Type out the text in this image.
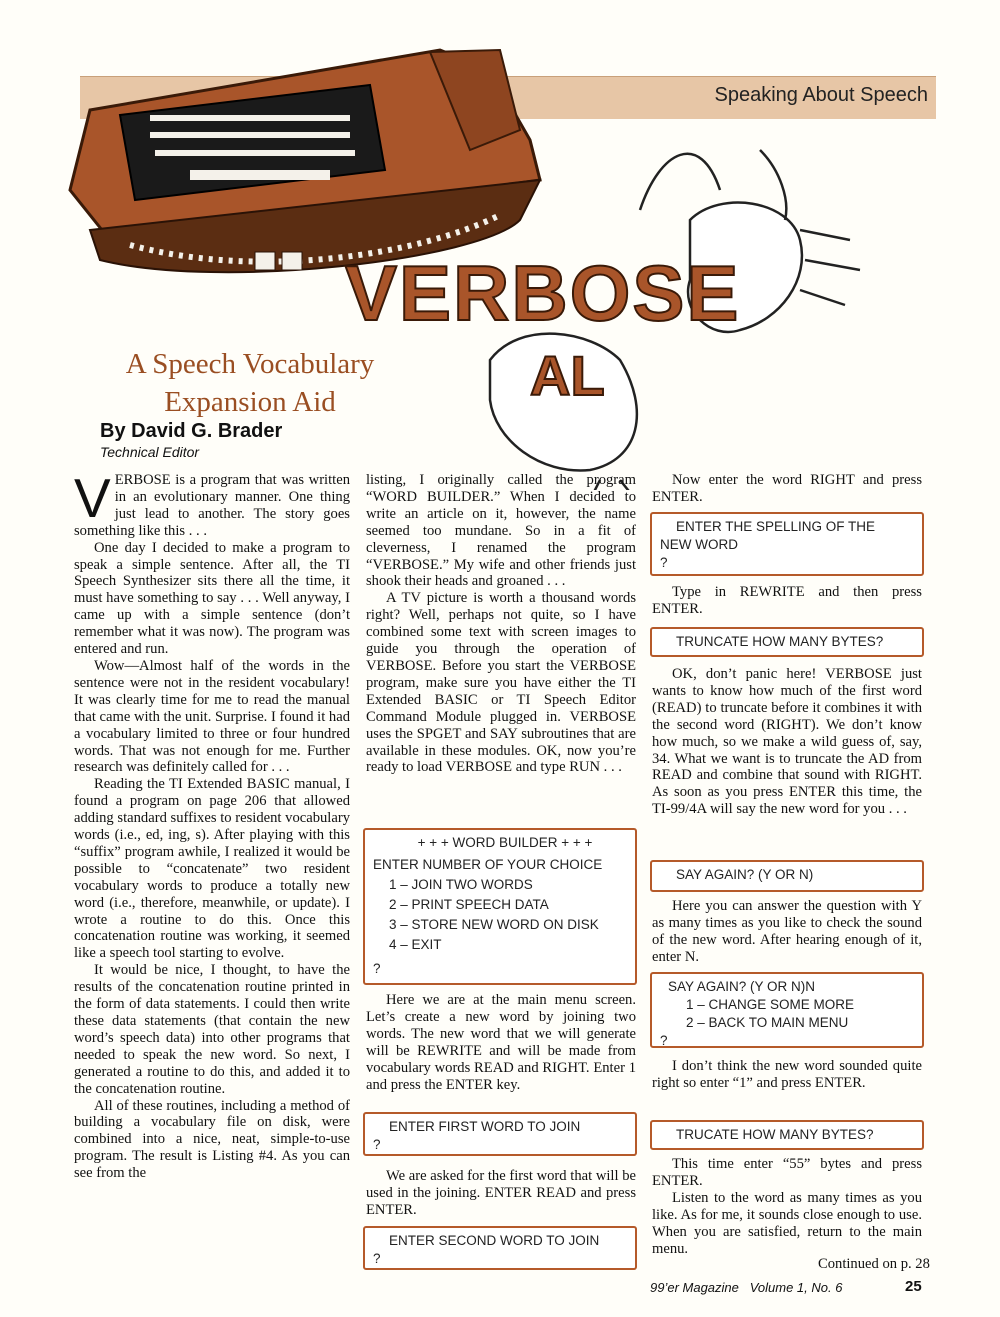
Speaking About Speech
VERBOSE
AL
A Speech Vocabulary Expansion Aid
By David G. Brader
Technical Editor

VERBOSE is a program that was written in an evolutionary manner. One thing just lead to another. The story goes something like this . . .

One day I decided to make a program to speak a simple sentence. After all, the TI Speech Synthesizer sits there all the time, it must have something to say . . . Well anyway, I came up with a simple sentence (don’t remember what it was now). The program was entered and run.

Wow—Almost half of the words in the sentence were not in the resident vocabulary! It was clearly time for me to read the manual that came with the unit. Surprise. I found it had a vocabulary limited to three or four hundred words. That was not enough for me. Further research was definitely called for . . .

Reading the TI Extended BASIC manual, I found a program on page 206 that allowed adding standard suffixes to resident vocabulary words (i.e., ed, ing, s). After playing with this “suffix” program awhile, I realized it would be possible to “concatenate” two resident vocabulary words to produce a totally new word (i.e., therefore, meanwhile, or update). I wrote a routine to do this. Once this concatenation routine was working, it seemed like a speech tool starting to evolve.

It would be nice, I thought, to have the results of the concatenation routine printed in the form of data statements. I could then write these data statements (that contain the new word’s speech data) into other programs that needed to speak the new word. So next, I generated a routine to do this, and added it to the concatenation routine.

All of these routines, including a method of building a vocabulary file on disk, were combined into a nice, neat, simple-to-use program. The result is Listing #4. As you can see from the

listing, I originally called the program “WORD BUILDER.” When I decided to write an article on it, however, the name seemed too mundane. So in a fit of cleverness, I renamed the program “VERBOSE.” My wife and other friends just shook their heads and groaned . . .

A TV picture is worth a thousand words right? Well, perhaps not quite, so I have combined some text with screen images to guide you through the operation of VERBOSE. Before you start the VERBOSE program, make sure you have either the TI Extended BASIC or TI Speech Editor Command Module plugged in. VERBOSE uses the SPGET and SAY subroutines that are available in these modules. OK, now you’re ready to load VERBOSE and type RUN . . .

+ + + WORD BUILDER + + +
ENTER NUMBER OF YOUR CHOICE
1 – JOIN TWO WORDS
2 – PRINT SPEECH DATA
3 – STORE NEW WORD ON DISK
4 – EXIT
?

Here we are at the main menu screen. Let’s create a new word by joining two words. The new word that we will generate will be REWRITE and will be made from vocabulary words READ and RIGHT. Enter 1 and press the ENTER key.

ENTER FIRST WORD TO JOIN
?

We are asked for the first word that will be used in the joining. ENTER READ and press ENTER.

ENTER SECOND WORD TO JOIN
?

Now enter the word RIGHT and press ENTER.

ENTER THE SPELLING OF THE
NEW WORD
?

Type in REWRITE and then press ENTER.

TRUNCATE HOW MANY BYTES?

OK, don’t panic here! VERBOSE just wants to know how much of the first word (READ) to truncate before it combines it with the second word (RIGHT). We don’t know how much, so we make a wild guess of, say, 34. What we want is to truncate the AD from READ and combine that sound with RIGHT. As soon as you press ENTER this time, the TI-99/4A will say the new word for you . . .

SAY AGAIN? (Y OR N)

Here you can answer the question with Y as many times as you like to check the sound of the new word. After hearing enough of it, enter N.

SAY AGAIN? (Y OR N)N
1 – CHANGE SOME MORE
2 – BACK TO MAIN MENU
?

I don’t think the new word sounded quite right so enter “1” and press ENTER.

TRUCATE HOW MANY BYTES?

This time enter “55” bytes and press ENTER.

Listen to the word as many times as you like. As for me, it sounds close enough to use. When you are satisfied, return to the main menu.

Continued on p. 28
99’er Magazine   Volume 1, No. 6	25
